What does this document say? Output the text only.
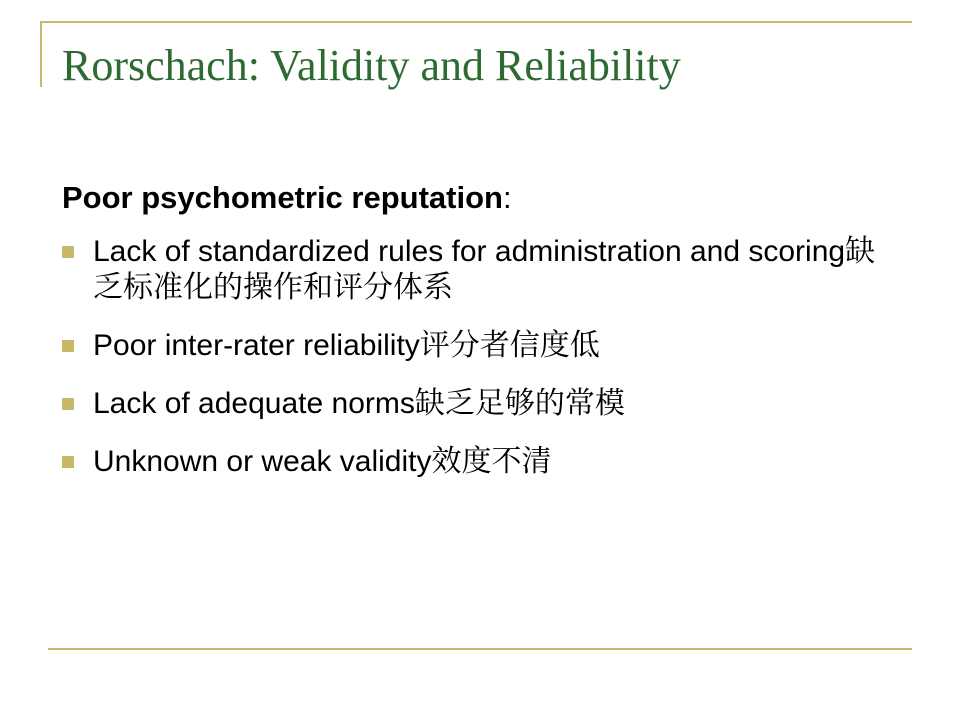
Rorschach: Validity and Reliability

Poor psychometric reputation:

Lack of standardized rules for administration and scoring缺乏标准化的操作和评分体系
Poor inter-rater reliability评分者信度低
Lack of adequate norms缺乏足够的常模
Unknown or weak validity效度不清
